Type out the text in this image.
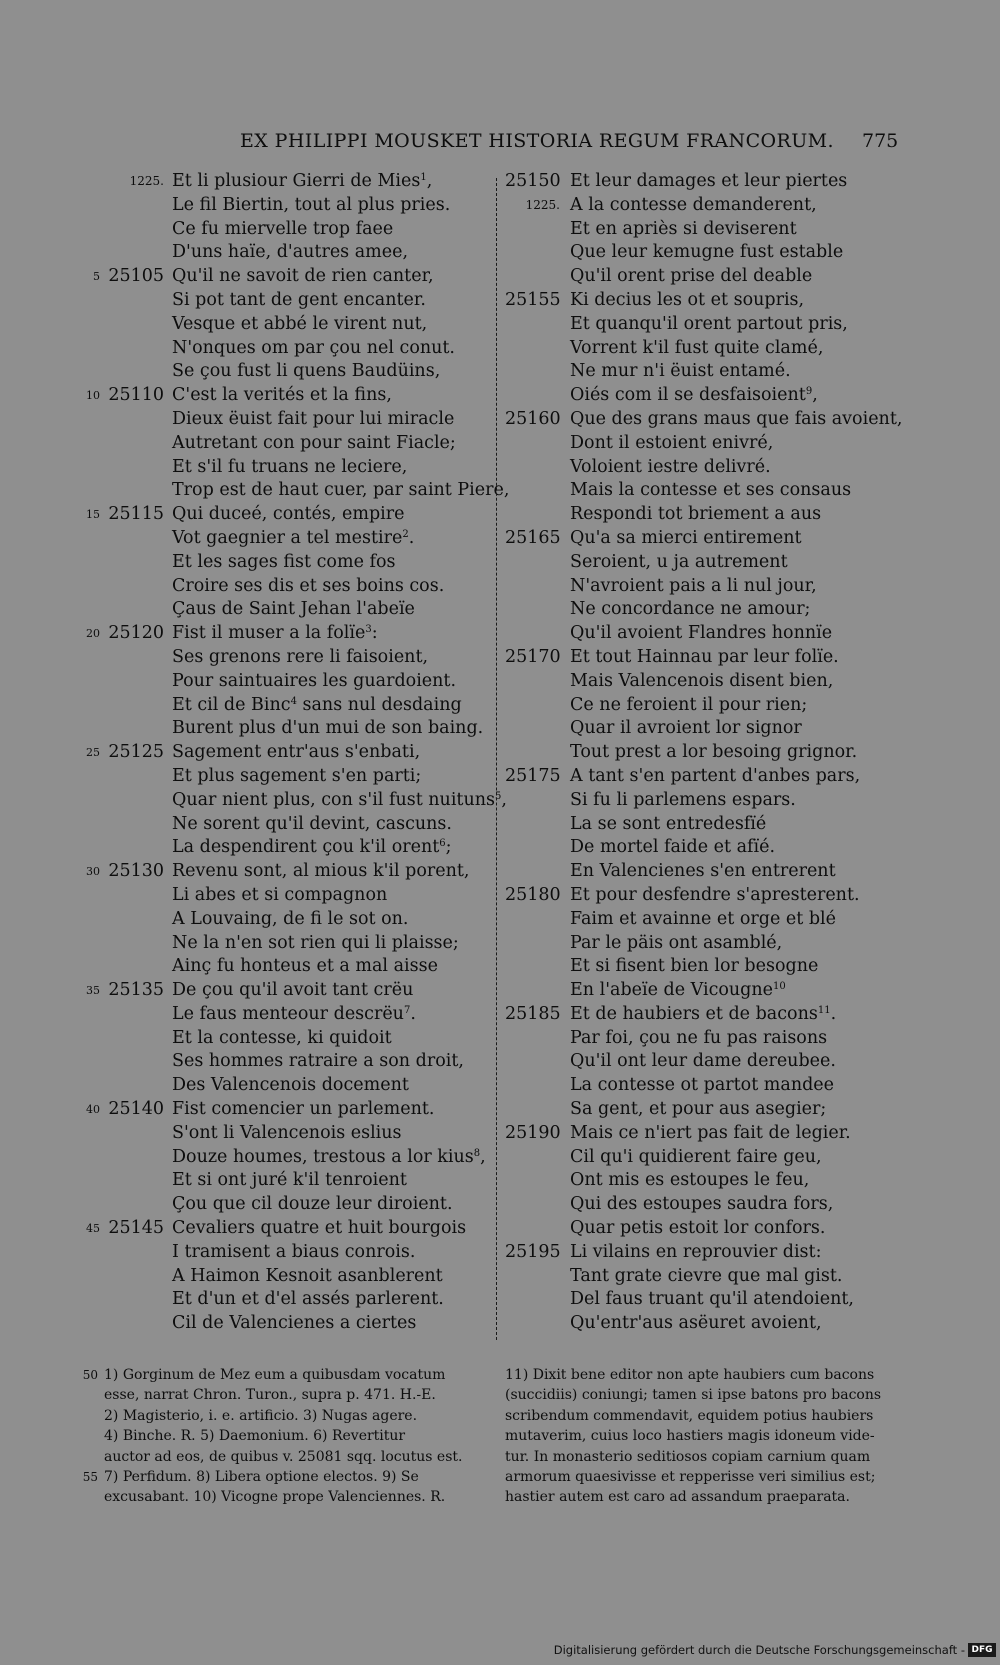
EX PHILIPPI MOUSKET HISTORIA REGUM FRANCORUM. 775
1225. Et li plusiour Gierri de Mies$^1$,
Le fil Biertin, tout al plus pries.
Ce fu miervelle trop faee
D'uns haïe, d'autres amee,
5 25105 Qu'il ne savoit de rien canter,
Si pot tant de gent encanter.
Vesque et abbé le virent nut,
N'onques om par çou nel conut.
Se çou fust li quens Baudüins,
10 25110 C'est la verités et la fins,
Dieux ëuist fait pour lui miracle
Autretant con pour saint Fiacle;
Et s'il fu truans ne leciere,
Trop est de haut cuer, par saint Piere,
15 25115 Qui duceé, contés, empire
Vot gaegnier a tel mestire$^2$.
Et les sages fist come fos
Croire ses dis et ses boins cos.
Çaus de Saint Jehan l'abeïe
20 25120 Fist il muser a la folïe$^3$:
Ses grenons rere li faisoient,
Pour saintuaires les guardoient.
Et cil de Binc$^4$ sans nul desdaing
Burent plus d'un mui de son baing.
25 25125 Sagement entr'aus s'enbati,
Et plus sagement s'en parti;
Quar nient plus, con s'il fust nuituns$^5$,
Ne sorent qu'il devint, cascuns.
La despendirent çou k'il orent$^6$;
30 25130 Revenu sont, al mious k'il porent,
Li abes et si compagnon
A Louvaing, de fi le sot on.
Ne la n'en sot rien qui li plaisse;
Ainç fu honteus et a mal aisse
35 25135 De çou qu'il avoit tant crëu
Le faus menteour descrëu$^7$.
Et la contesse, ki quidoit
Ses hommes ratraire a son droit,
Des Valencenois docement
40 25140 Fist comencier un parlement.
S'ont li Valencenois eslius
Douze houmes, trestous a lor kius$^8$,
Et si ont juré k'il tenroient
Çou que cil douze leur diroient.
45 25145 Cevaliers quatre et huit bourgois
I tramisent a biaus conrois.
A Haimon Kesnoit asanblerent
Et d'un et d'el assés parlerent.
Cil de Valencienes a ciertes
25150 Et leur damages et leur piertes
1225. A la contesse demanderent,
Et en apriès si deviserent
Que leur kemugne fust estable
Qu'il orent prise del deable
25155 Ki decius les ot et soupris,
Et quanqu'il orent partout pris,
Vorrent k'il fust quite clamé,
Ne mur n'i ëuist entamé.
Oiés com il se desfaisoient$^9$,
25160 Que des grans maus que fais avoient,
Dont il estoient enivré,
Voloient iestre delivré.
Mais la contesse et ses consaus
Respondi tot briement a aus
25165 Qu'a sa mierci entirement
Seroient, u ja autrement
N'avroient pais a li nul jour,
Ne concordance ne amour;
Qu'il avoient Flandres honnïe
25170 Et tout Hainnau par leur folïe.
Mais Valencenois disent bien,
Ce ne feroient il pour rien;
Quar il avroient lor signor
Tout prest a lor besoing grignor.
25175 A tant s'en partent d'anbes pars,
Si fu li parlemens espars.
La se sont entredesfïé
De mortel faide et afïé.
En Valencienes s'en entrerent
25180 Et pour desfendre s'apresterent.
Faim et avainne et orge et blé
Par le päis ont asamblé,
Et si fisent bien lor besogne
En l'abeïe de Vicougne$^{10}$
25185 Et de haubiers et de bacons$^{11}$.
Par foi, çou ne fu pas raisons
Qu'il ont leur dame dereubee.
La contesse ot partot mandee
Sa gent, et pour aus asegier;
25190 Mais ce n'iert pas fait de legier.
Cil qu'i quidierent faire geu,
Ont mis es estoupes le feu,
Qui des estoupes saudra fors,
Quar petis estoit lor confors.
25195 Li vilains en reprouvier dist:
Tant grate cievre que mal gist.
Del faus truant qu'il atendoient,
Qu'entr'aus asëuret avoient,
50 1) Gorginum de Mez eum a quibusdam vocatum
esse, narrat Chron. Turon., supra p. 471. H.-E.
2) Magisterio, i. e. artificio. 3) Nugas agere.
4) Binche. R. 5) Daemonium. 6) Revertitur
auctor ad eos, de quibus v. 25081 sqq. locutus est.
55 7) Perfidum. 8) Libera optione electos. 9) Se
excusabant. 10) Vicogne prope Valenciennes. R.
11) Dixit bene editor non apte haubiers cum bacons
(succidiis) coniungi; tamen si ipse batons pro bacons
scribendum commendavit, equidem potius haubiers
mutaverim, cuius loco hastiers magis idoneum vide-
tur. In monasterio seditiosos copiam carnium quam
armorum quaesivisse et repperisse veri similius est;
hastier autem est caro ad assandum praeparata.
Digitalisierung gefördert durch die Deutsche Forschungsgemeinschaft - DFG
